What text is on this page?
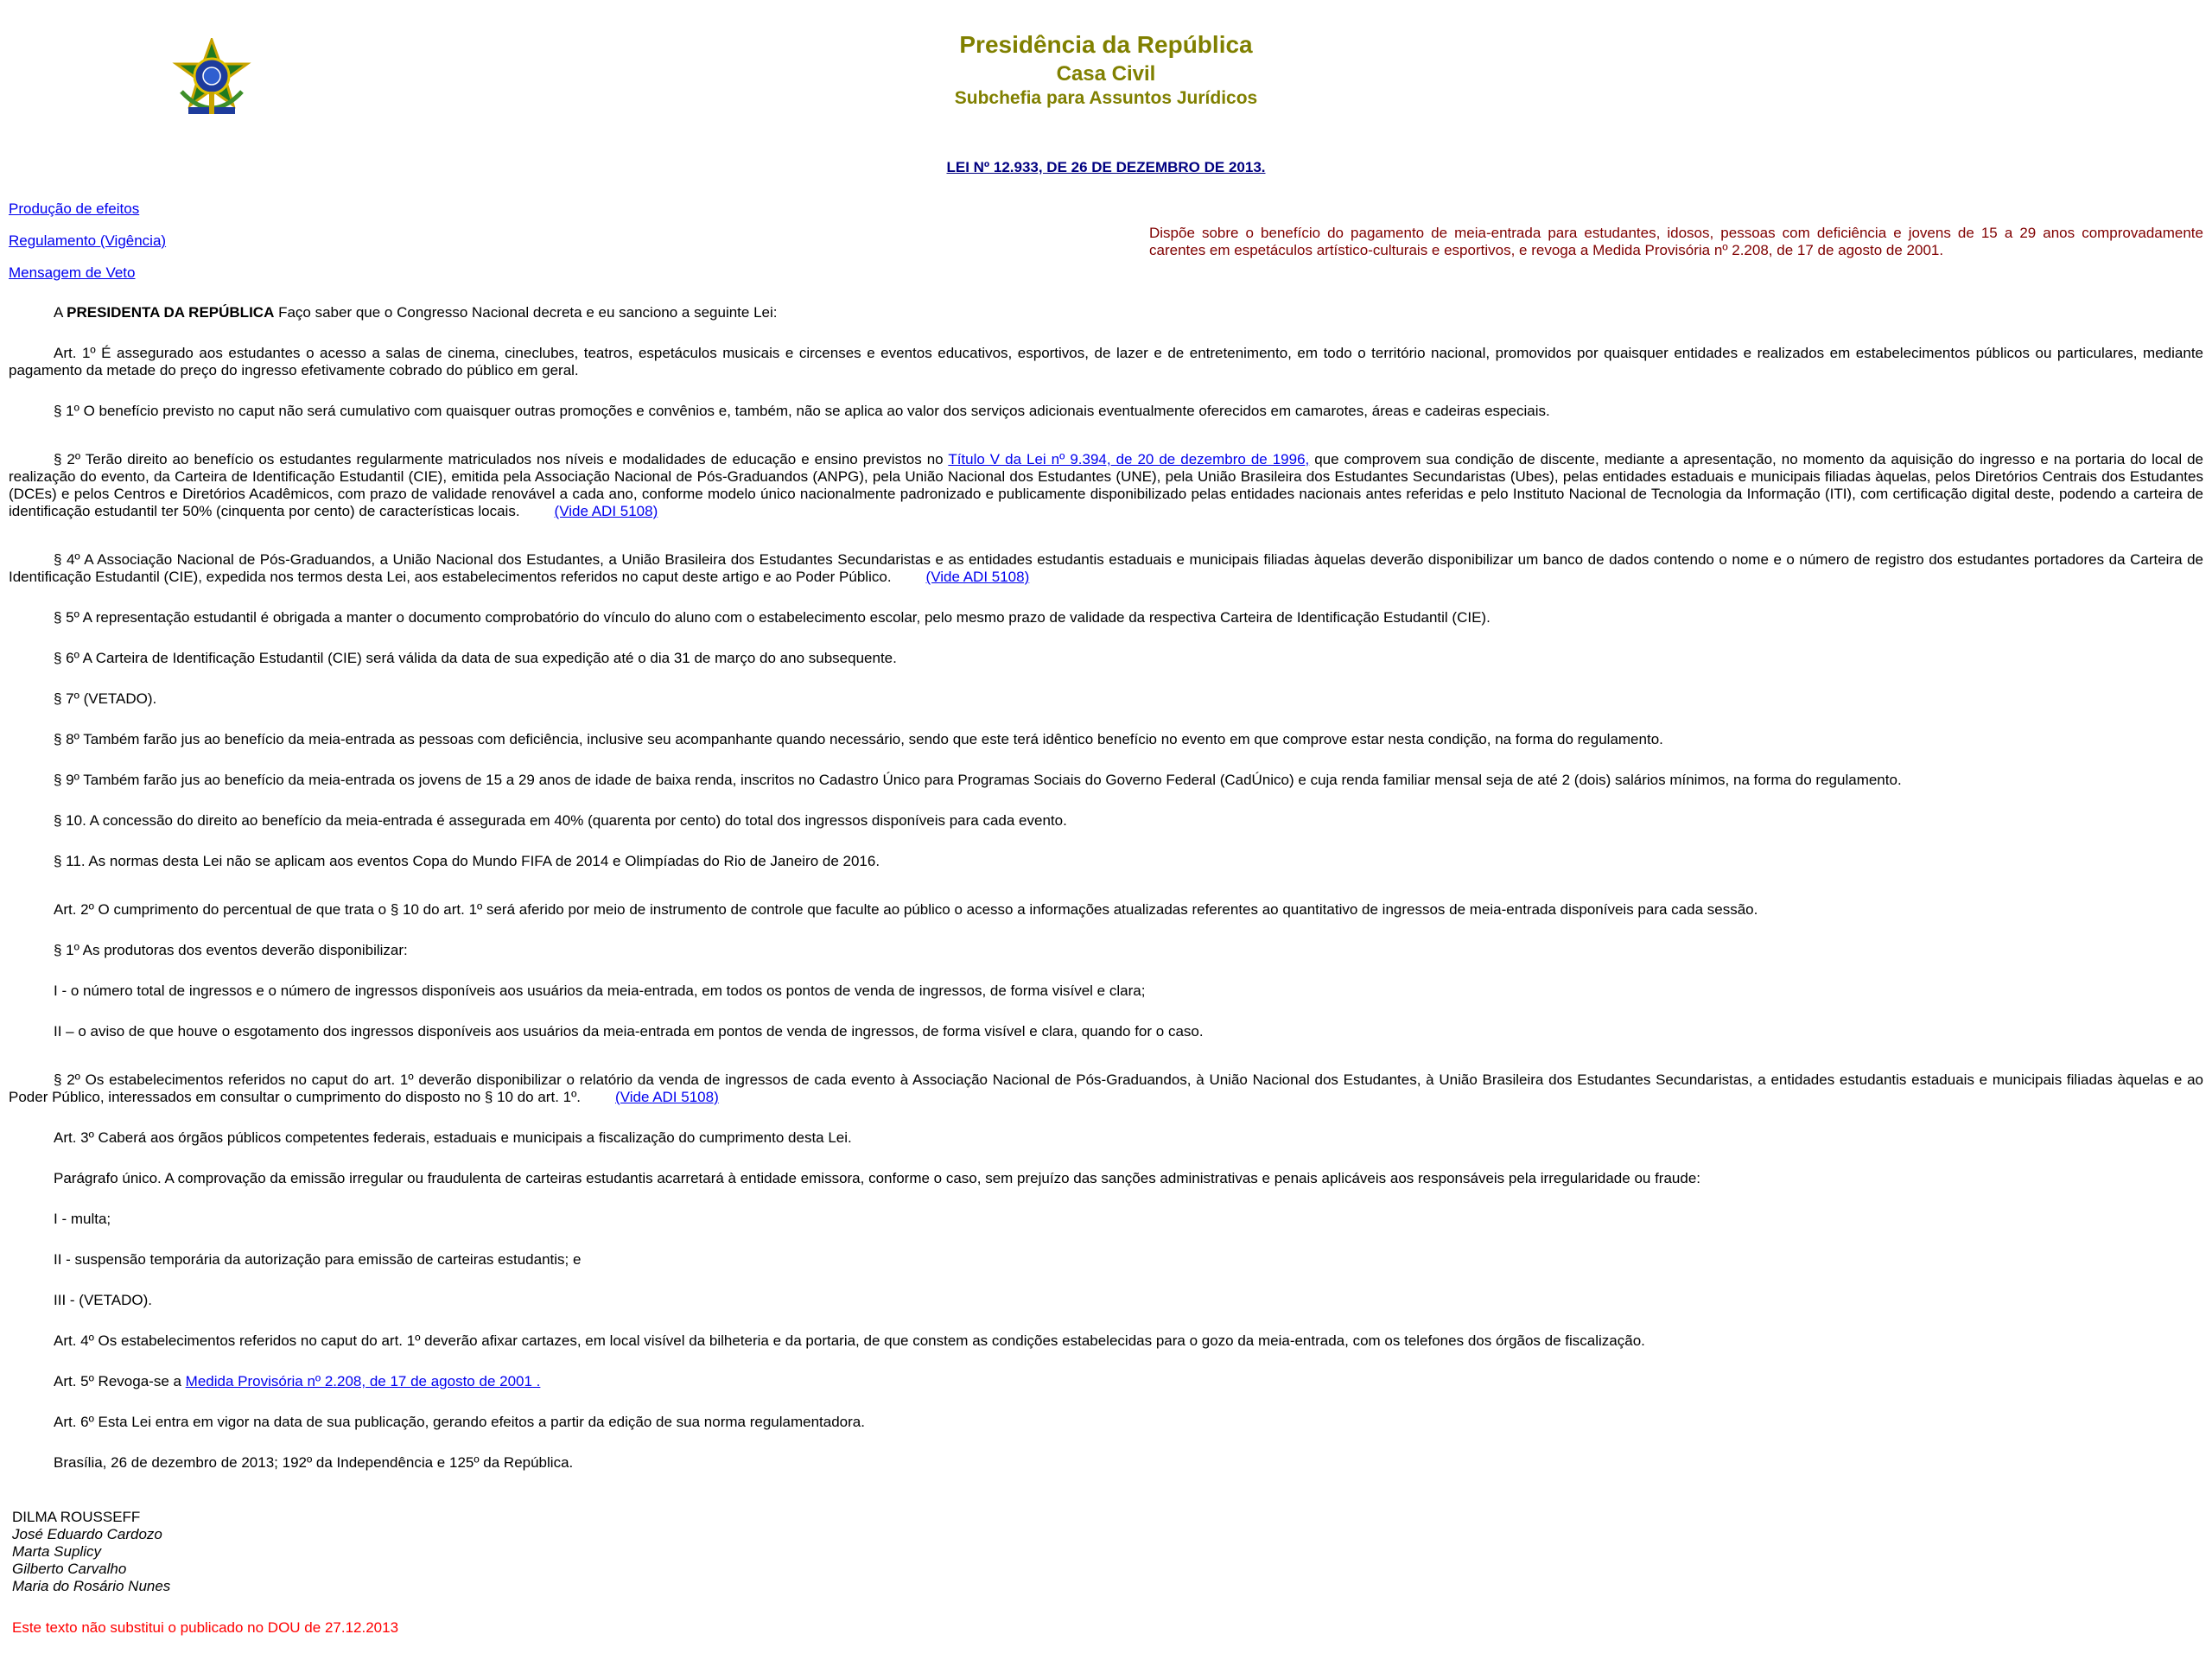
Presidência da República
Casa Civil
Subchefia para Assuntos Jurídicos
LEI Nº 12.933, DE 26 DE DEZEMBRO DE 2013.
Produção de efeitos
Regulamento (Vigência)
Mensagem de Veto
Dispõe sobre o benefício do pagamento de meia-entrada para estudantes, idosos, pessoas com deficiência e jovens de 15 a 29 anos comprovadamente carentes em espetáculos artístico-culturais e esportivos, e revoga a Medida Provisória nº 2.208, de 17 de agosto de 2001.

A PRESIDENTA DA REPÚBLICA Faço saber que o Congresso Nacional decreta e eu sanciono a seguinte Lei:

Art. 1º É assegurado aos estudantes o acesso a salas de cinema, cineclubes, teatros, espetáculos musicais e circenses e eventos educativos, esportivos, de lazer e de entretenimento, em todo o território nacional, promovidos por quaisquer entidades e realizados em estabelecimentos públicos ou particulares, mediante pagamento da metade do preço do ingresso efetivamente cobrado do público em geral.

§ 1º O benefício previsto no caput não será cumulativo com quaisquer outras promoções e convênios e, também, não se aplica ao valor dos serviços adicionais eventualmente oferecidos em camarotes, áreas e cadeiras especiais.

§ 2º Terão direito ao benefício os estudantes regularmente matriculados nos níveis e modalidades de educação e ensino previstos no Título V da Lei nº 9.394, de 20 de dezembro de 1996, que comprovem sua condição de discente, mediante a apresentação, no momento da aquisição do ingresso e na portaria do local de realização do evento, da Carteira de Identificação Estudantil (CIE), emitida pela Associação Nacional de Pós-Graduandos (ANPG), pela União Nacional dos Estudantes (UNE), pela União Brasileira dos Estudantes Secundaristas (Ubes), pelas entidades estaduais e municipais filiadas àquelas, pelos Diretórios Centrais dos Estudantes (DCEs) e pelos Centros e Diretórios Acadêmicos, com prazo de validade renovável a cada ano, conforme modelo único nacionalmente padronizado e publicamente disponibilizado pelas entidades nacionais antes referidas e pelo Instituto Nacional de Tecnologia da Informação (ITI), com certificação digital deste, podendo a carteira de identificação estudantil ter 50% (cinquenta por cento) de características locais. (Vide ADI 5108)

§ 4º A Associação Nacional de Pós-Graduandos, a União Nacional dos Estudantes, a União Brasileira dos Estudantes Secundaristas e as entidades estudantis estaduais e municipais filiadas àquelas deverão disponibilizar um banco de dados contendo o nome e o número de registro dos estudantes portadores da Carteira de Identificação Estudantil (CIE), expedida nos termos desta Lei, aos estabelecimentos referidos no caput deste artigo e ao Poder Público. (Vide ADI 5108)

§ 5º A representação estudantil é obrigada a manter o documento comprobatório do vínculo do aluno com o estabelecimento escolar, pelo mesmo prazo de validade da respectiva Carteira de Identificação Estudantil (CIE).

§ 6º A Carteira de Identificação Estudantil (CIE) será válida da data de sua expedição até o dia 31 de março do ano subsequente.

§ 7º (VETADO).

§ 8º Também farão jus ao benefício da meia-entrada as pessoas com deficiência, inclusive seu acompanhante quando necessário, sendo que este terá idêntico benefício no evento em que comprove estar nesta condição, na forma do regulamento.

§ 9º Também farão jus ao benefício da meia-entrada os jovens de 15 a 29 anos de idade de baixa renda, inscritos no Cadastro Único para Programas Sociais do Governo Federal (CadÚnico) e cuja renda familiar mensal seja de até 2 (dois) salários mínimos, na forma do regulamento.

§ 10. A concessão do direito ao benefício da meia-entrada é assegurada em 40% (quarenta por cento) do total dos ingressos disponíveis para cada evento.

§ 11. As normas desta Lei não se aplicam aos eventos Copa do Mundo FIFA de 2014 e Olimpíadas do Rio de Janeiro de 2016.

Art. 2º O cumprimento do percentual de que trata o § 10 do art. 1º será aferido por meio de instrumento de controle que faculte ao público o acesso a informações atualizadas referentes ao quantitativo de ingressos de meia-entrada disponíveis para cada sessão.

§ 1º As produtoras dos eventos deverão disponibilizar:

I - o número total de ingressos e o número de ingressos disponíveis aos usuários da meia-entrada, em todos os pontos de venda de ingressos, de forma visível e clara;

II – o aviso de que houve o esgotamento dos ingressos disponíveis aos usuários da meia-entrada em pontos de venda de ingressos, de forma visível e clara, quando for o caso.

§ 2º Os estabelecimentos referidos no caput do art. 1º deverão disponibilizar o relatório da venda de ingressos de cada evento à Associação Nacional de Pós-Graduandos, à União Nacional dos Estudantes, à União Brasileira dos Estudantes Secundaristas, a entidades estudantis estaduais e municipais filiadas àquelas e ao Poder Público, interessados em consultar o cumprimento do disposto no § 10 do art. 1º. (Vide ADI 5108)

Art. 3º Caberá aos órgãos públicos competentes federais, estaduais e municipais a fiscalização do cumprimento desta Lei.

Parágrafo único. A comprovação da emissão irregular ou fraudulenta de carteiras estudantis acarretará à entidade emissora, conforme o caso, sem prejuízo das sanções administrativas e penais aplicáveis aos responsáveis pela irregularidade ou fraude:

I - multa;

II - suspensão temporária da autorização para emissão de carteiras estudantis; e

III - (VETADO).

Art. 4º Os estabelecimentos referidos no caput do art. 1º deverão afixar cartazes, em local visível da bilheteria e da portaria, de que constem as condições estabelecidas para o gozo da meia-entrada, com os telefones dos órgãos de fiscalização.

Art. 5º Revoga-se a Medida Provisória nº 2.208, de 17 de agosto de 2001 .

Art. 6º Esta Lei entra em vigor na data de sua publicação, gerando efeitos a partir da edição de sua norma regulamentadora.

Brasília, 26 de dezembro de 2013; 192º da Independência e 125º da República.

DILMA ROUSSEFF
José Eduardo Cardozo
Marta Suplicy
Gilberto Carvalho
Maria do Rosário Nunes
Este texto não substitui o publicado no DOU de 27.12.2013
